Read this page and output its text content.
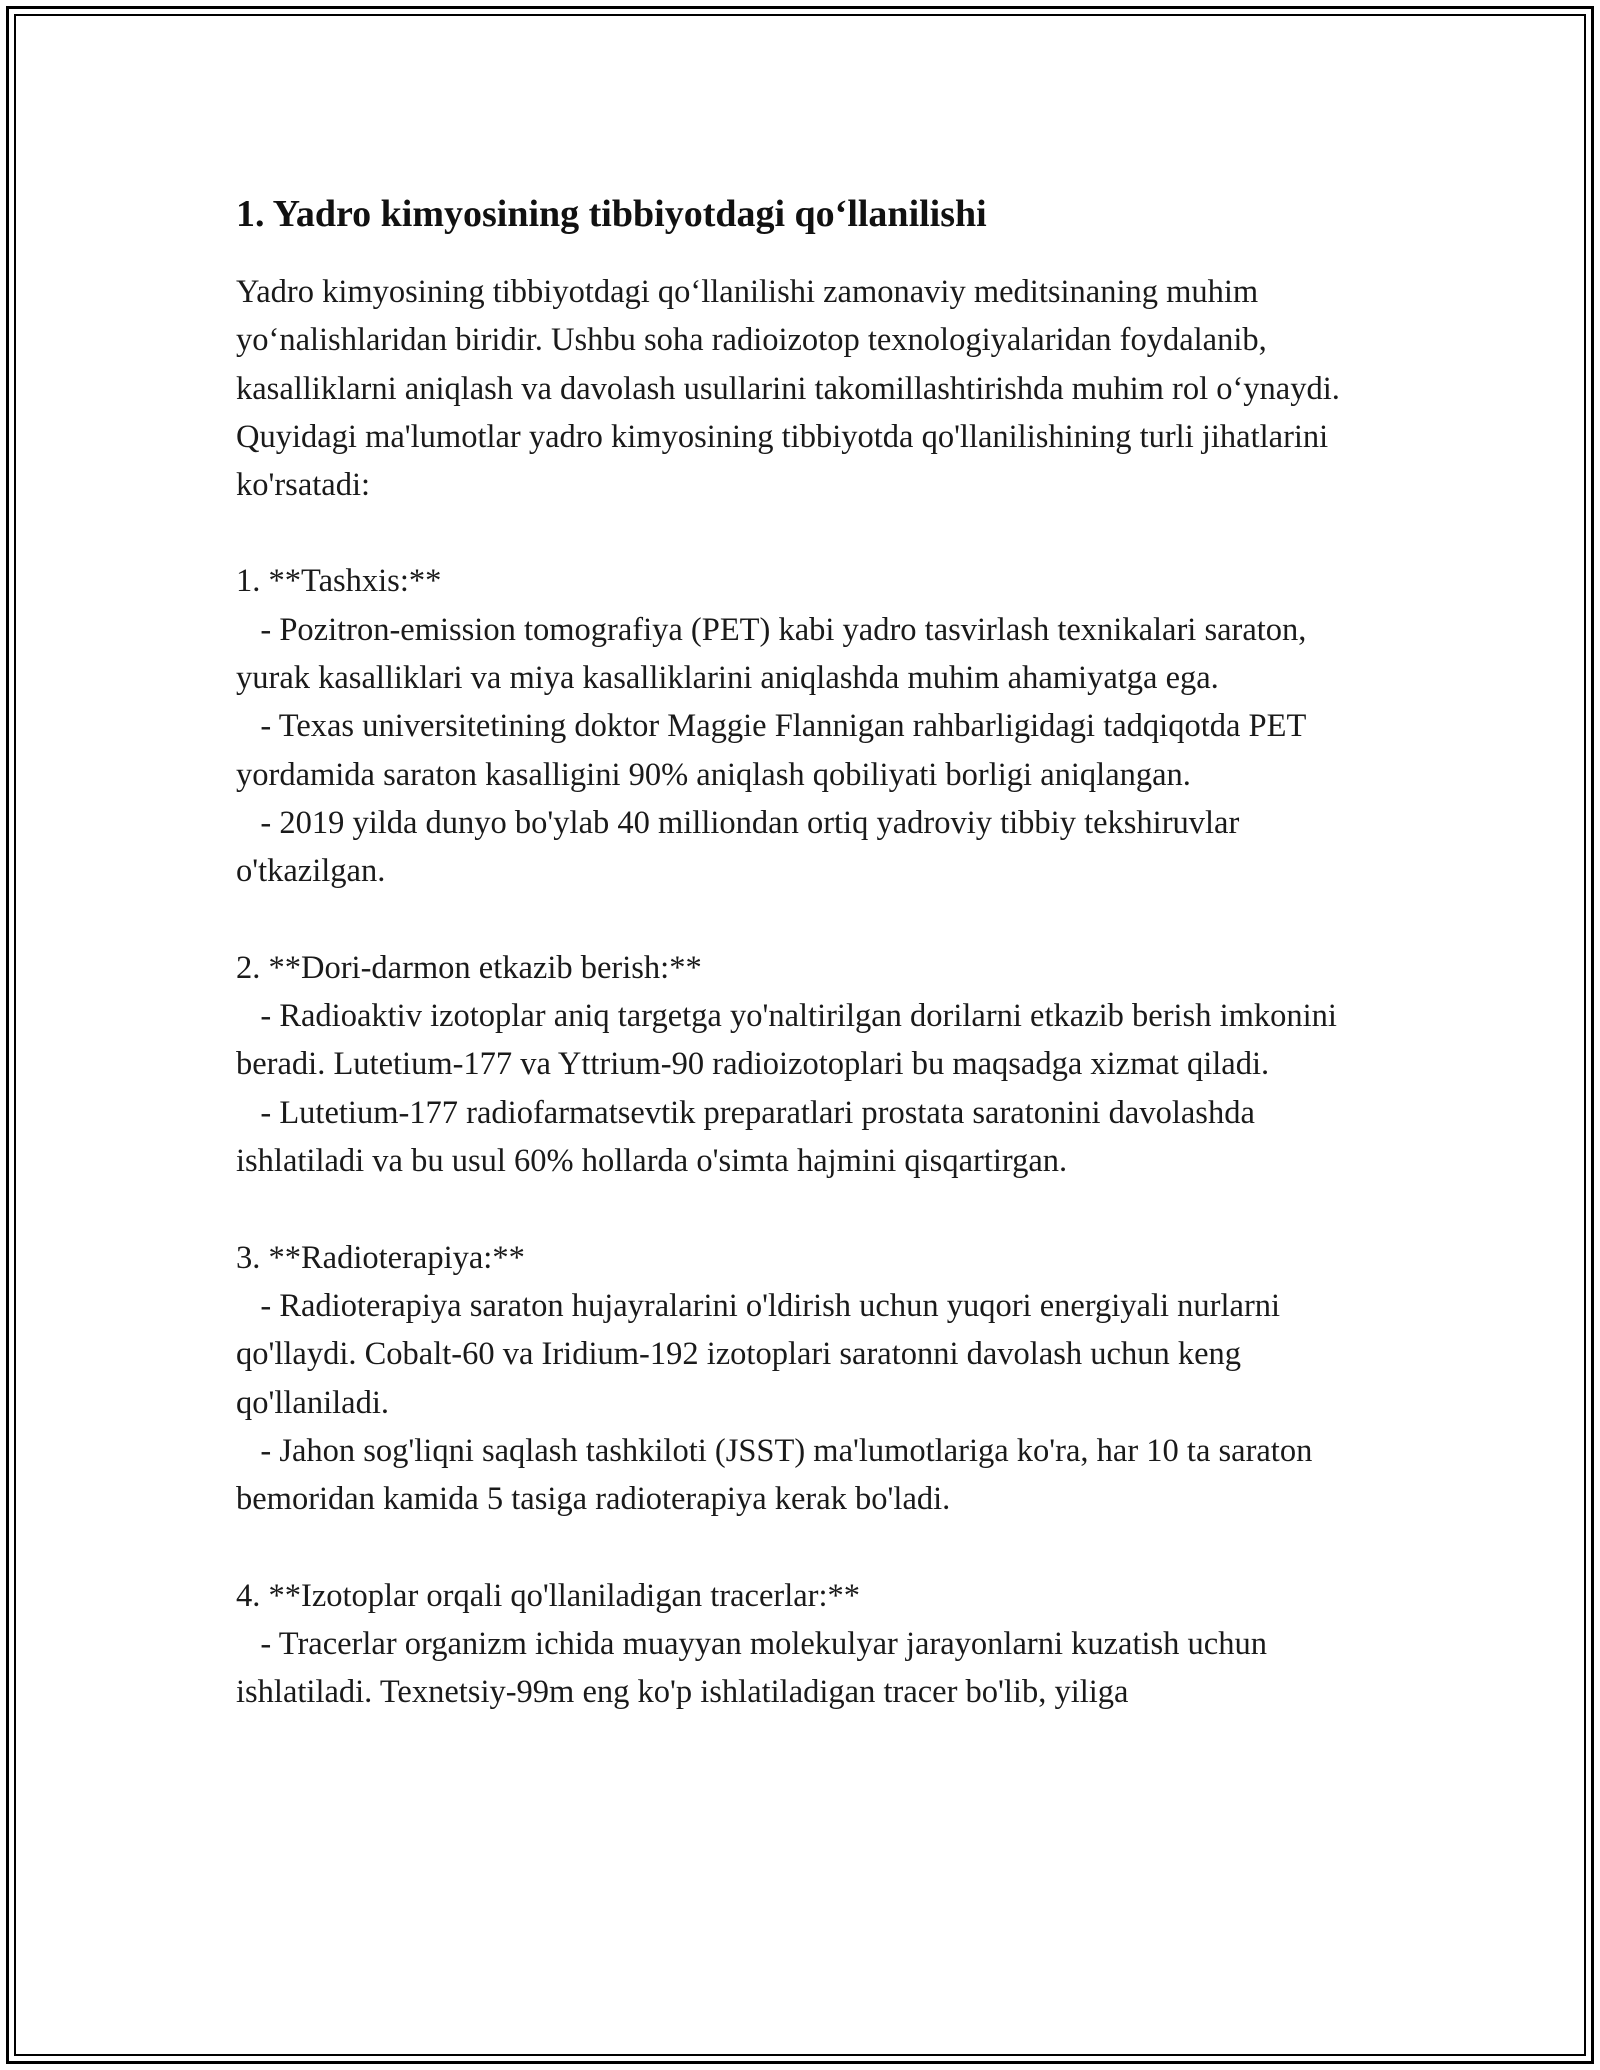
1. Yadro kimyosining tibbiyotdagi qo‘llanilishi

Yadro kimyosining tibbiyotdagi qo‘llanilishi zamonaviy meditsinaning muhim yo‘nalishlaridan biridir. Ushbu soha radioizotop texnologiyalaridan foydalanib, kasalliklarni aniqlash va davolash usullarini takomillashtirishda muhim rol o‘ynaydi. Quyidagi ma'lumotlar yadro kimyosining tibbiyotda qo'llanilishining turli jihatlarini ko'rsatadi:

1. **Tashxis:**
- Pozitron-emission tomografiya (PET) kabi yadro tasvirlash texnikalari saraton, yurak kasalliklari va miya kasalliklarini aniqlashda muhim ahamiyatga ega.
- Texas universitetining doktor Maggie Flannigan rahbarligidagi tadqiqotda PET yordamida saraton kasalligini 90% aniqlash qobiliyati borligi aniqlangan.
- 2019 yilda dunyo bo'ylab 40 milliondan ortiq yadroviy tibbiy tekshiruvlar o'tkazilgan.

2. **Dori-darmon etkazib berish:**
- Radioaktiv izotoplar aniq targetga yo'naltirilgan dorilarni etkazib berish imkonini beradi. Lutetium-177 va Yttrium-90 radioizotoplari bu maqsadga xizmat qiladi.
- Lutetium-177 radiofarmatsevtik preparatlari prostata saratonini davolashda ishlatiladi va bu usul 60% hollarda o'simta hajmini qisqartirgan.

3. **Radioterapiya:**
- Radioterapiya saraton hujayralarini o'ldirish uchun yuqori energiyali nurlarni qo'llaydi. Cobalt-60 va Iridium-192 izotoplari saratonni davolash uchun keng qo'llaniladi.
- Jahon sog'liqni saqlash tashkiloti (JSST) ma'lumotlariga ko'ra, har 10 ta saraton bemoridan kamida 5 tasiga radioterapiya kerak bo'ladi.

4. **Izotoplar orqali qo'llaniladigan tracerlar:**
- Tracerlar organizm ichida muayyan molekulyar jarayonlarni kuzatish uchun ishlatiladi. Texnetsiy-99m eng ko'p ishlatiladigan tracer bo'lib, yiliga
